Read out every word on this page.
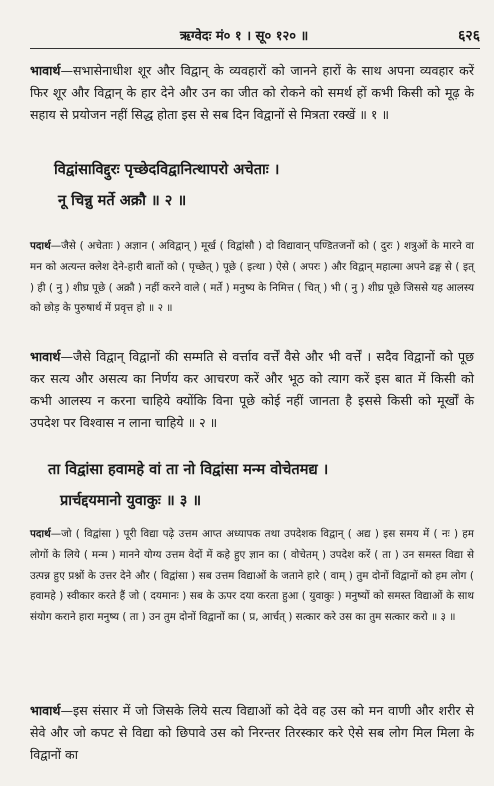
ऋग्वेदः मं० १ । सू० १२० ॥	६२६
भावार्थ—सभासेनाधीश शूर और विद्वान् के व्यवहारों को जानने हारों के साथ अपना व्यवहार करें फिर शूर और विद्वान् के हार देने और उन का जीत को रोकने को समर्थ हों कभी किसी को मूढ़ के सहाय से प्रयोजन नहीं सिद्ध होता इस से सब दिन विद्वानों से मित्रता रक्खें ॥ १ ॥
विद्वांसाविद्दुरः पृच्छेदविद्वानित्थापरो अचेताः ।
नू चिन्नु मर्ते अक्रौ ॥ २ ॥
पदार्थ—जैसे ( अचेताः ) अज्ञान ( अविद्वान् ) मूर्ख ( विद्वांसौ ) दो विद्यावान् पण्डितजनों को ( दुरः ) शत्रुओं के मारने वा मन को अत्यन्त क्लेश देने-हारी बातों को ( पृच्छेत् ) पूछे ( इत्था ) ऐसे ( अपरः ) और विद्वान् महात्मा अपने ढङ्ग से ( इत् ) ही ( नु ) शीघ्र पूछे ( अक्रौ ) नहीं करने वाले ( मर्ते ) मनुष्य के निमित्त ( चित् ) भी ( नु ) शीघ्र पूछे जिससे यह आलस्य को छोड़ के पुरुषार्थ में प्रवृत्त हो ॥ २ ॥
भावार्थ—जैसे विद्वान् विद्वानों की सम्मति से वर्त्ताव वर्त्तें वैसे और भी वर्त्तें । सदैव विद्वानों को पूछ कर सत्य और असत्य का निर्णय कर आचरण करें और भूठ को त्याग करें इस बात में किसी को कभी आलस्य न करना चाहिये क्योंकि विना पूछे कोई नहीं जानता है इससे किसी को मूर्खों के उपदेश पर विश्वास न लाना चाहिये ॥ २ ॥
ता विद्वांसा हवामहे वां ता नो विद्वांसा मन्म वोचेतमद्य ।
प्रार्चद्दयमानो युवाकुः ॥ ३ ॥
पदार्थ—जो ( विद्वांसा ) पूरी विद्या पढ़े उत्तम आप्त अध्यापक तथा उपदेशक विद्वान् ( अद्य ) इस समय में ( नः ) हम लोगों के लिये ( मन्म ) मानने योग्य उत्तम वेदों में कहे हुए ज्ञान का ( वोचेतम् ) उपदेश करें ( ता ) उन समस्त विद्या से उत्पन्न हुए प्रश्नों के उत्तर देने और ( विद्वांसा ) सब उत्तम विद्याओं के जताने हारे ( वाम् ) तुम दोनों विद्वानों को हम लोग ( हवामहे ) स्वीकार करते हैं जो ( दयमानः ) सब के ऊपर दया करता हुआ ( युवाकुः ) मनुष्यों को समस्त विद्याओं के साथ संयोग कराने हारा मनुष्य ( ता ) उन तुम दोनों विद्वानों का ( प्र, आर्चत् ) सत्कार करे उस का तुम सत्कार करो ॥ ३ ॥
भावार्थ—इस संसार में जो जिसके लिये सत्य विद्याओं को देवे वह उस को मन वाणी और शरीर से सेवे और जो कपट से विद्या को छिपावे उस को निरन्तर तिरस्कार करे ऐसे सब लोग मिल मिला के विद्वानों का
